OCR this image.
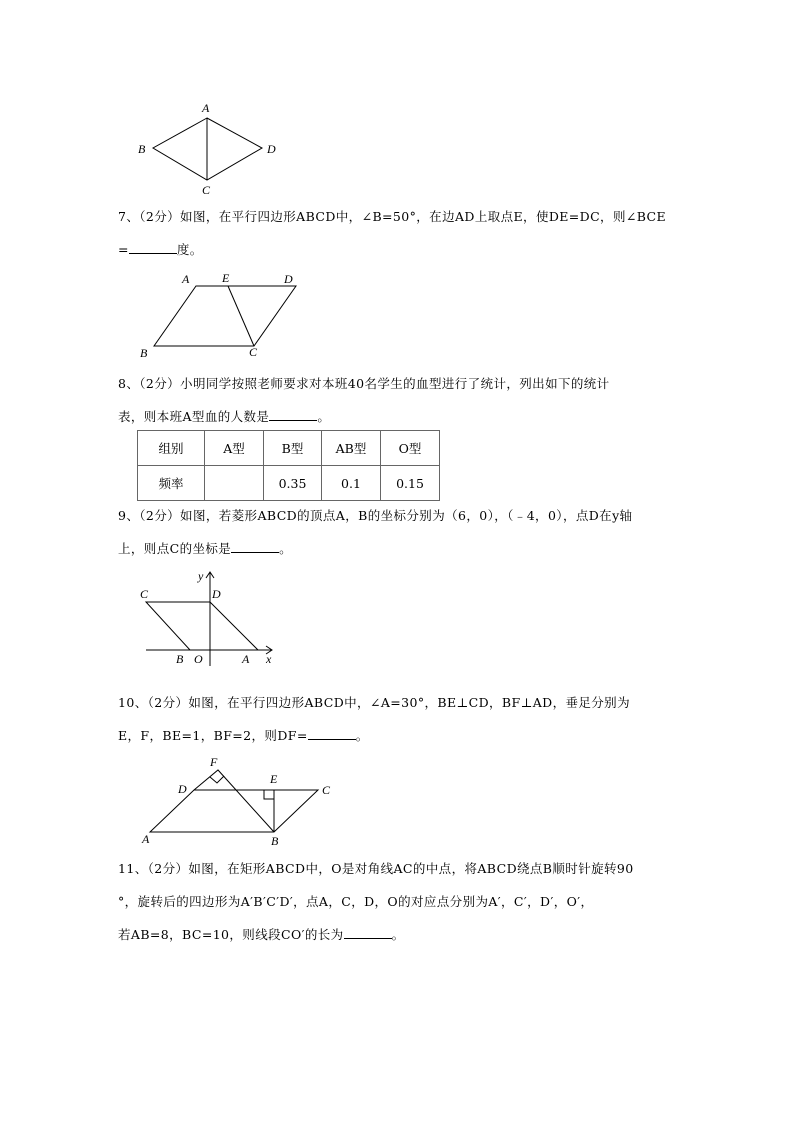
A
B
C
D
7、（2分）如图，在平行四边形ABCD中，∠B=50°，在边AD上取点E，使DE=DC，则∠BCE
=	度。
A	E	D
B	C
8、（2分）小明同学按照老师要求对本班40名学生的血型进行了统计，列出如下的统计
表，则本班A型血的人数是	。
组别	A型	B型	AB型	O型
频率		0.35	0.1	0.15
9、（2分）如图，若菱形ABCD的顶点A，B的坐标分别为（6，0），（﹣4，0），点D在y轴
上，则点C的坐标是	。
C	D
y
B O	A x
10、（2分）如图，在平行四边形ABCD中，∠A=30°，BE⊥CD，BF⊥AD，垂足分别为
E，F，BE=1，BF=2，则DF=	。
F
D
E
C
A	B
11、（2分）如图，在矩形ABCD中，O是对角线AC的中点，将ABCD绕点B顺时针旋转90
°，旋转后的四边形为A′B′C′D′，点A，C，D，O的对应点分别为A′，C′，D′，O′，
若AB=8，BC=10，则线段CO′的长为	。
